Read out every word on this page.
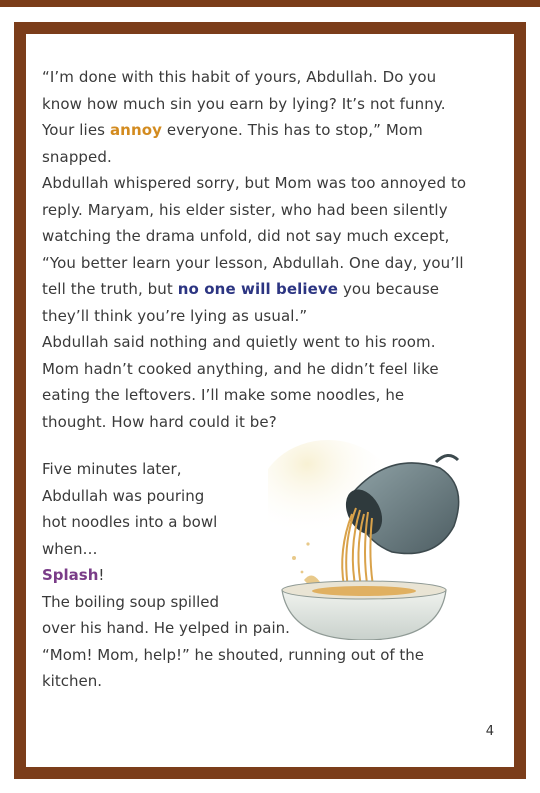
“I’m done with this habit of yours, Abdullah. Do you know how much sin you earn by lying? It’s not funny. Your lies annoy everyone. This has to stop,” Mom snapped.

Abdullah whispered sorry, but Mom was too annoyed to reply. Maryam, his elder sister, who had been silently watching the drama unfold, did not say much except, “You better learn your lesson, Abdullah. One day, you’ll tell the truth, but no one will believe you because they’ll think you’re lying as usual.”

Abdullah said nothing and quietly went to his room. Mom hadn’t cooked anything, and he didn’t feel like eating the leftovers. I’ll make some noodles, he thought. How hard could it be?

Five minutes later, Abdullah was pouring hot noodles into a bowl when…

Splash!

The boiling soup spilled

over his hand. He yelped in pain.

“Mom! Mom, help!” he shouted, running out of the kitchen.

4
